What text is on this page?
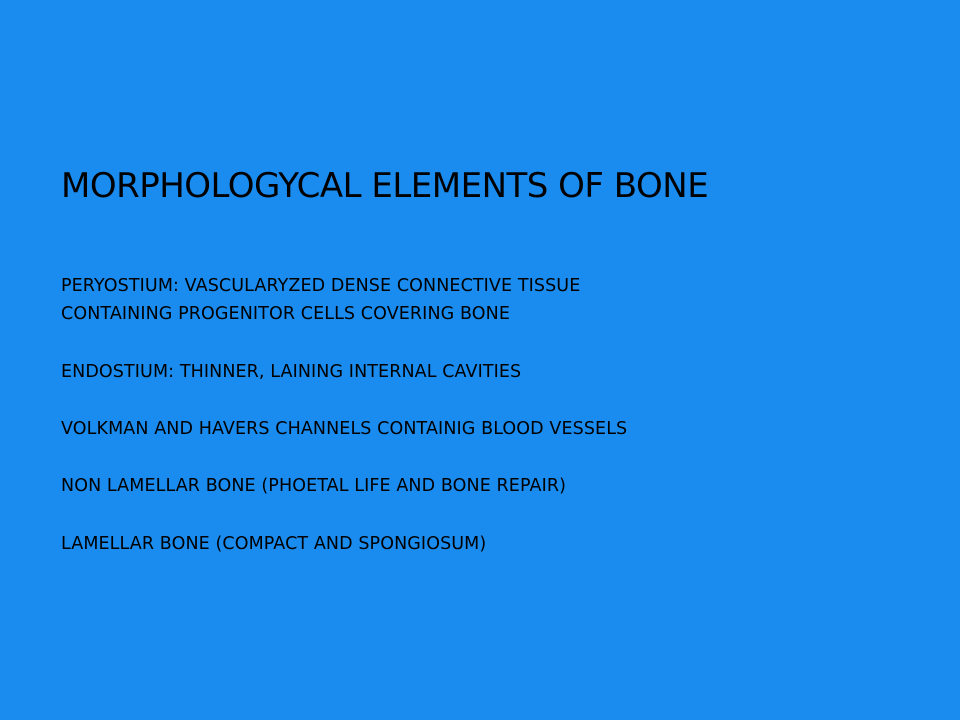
MORPHOLOGYCAL ELEMENTS OF BONE
PERYOSTIUM: VASCULARYZED DENSE CONNECTIVE TISSUE
CONTAINING PROGENITOR CELLS COVERING BONE
ENDOSTIUM: THINNER, LAINING INTERNAL CAVITIES
VOLKMAN AND HAVERS CHANNELS CONTAINIG BLOOD VESSELS
NON LAMELLAR BONE (PHOETAL LIFE AND BONE REPAIR)
LAMELLAR BONE (COMPACT AND SPONGIOSUM)
